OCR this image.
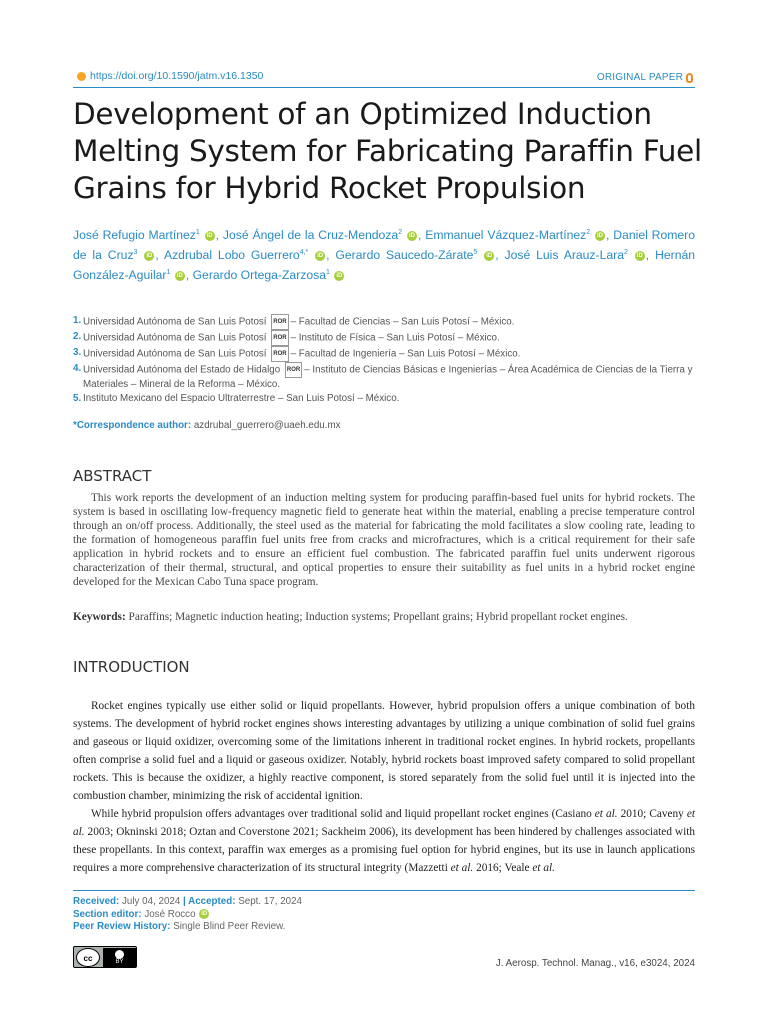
https://doi.org/10.1590/jatm.v16.1350	ORIGINAL PAPER
Development of an Optimized Induction Melting System for Fabricating Paraffin Fuel Grains for Hybrid Rocket Propulsion
José Refugio Martínez$^1$ iD , José Ángel de la Cruz-Mendoza$^2$ iD , Emmanuel Vázquez-Martínez$^2$ iD , Daniel Romero de la Cruz$^3$ iD , Azdrubal Lobo Guerrero$^{4,*}$ iD , Gerardo Saucedo-Zárate$^5$ iD , José Luis Arauz-Lara$^2$ iD , Hernán González-Aguilar$^1$ iD , Gerardo Ortega-Zarzosa$^1$ iD
1. Universidad Autónoma de San Luis Potosí ROR – Facultad de Ciencias – San Luis Potosí – México.
2. Universidad Autónoma de San Luis Potosí ROR – Instituto de Física – San Luis Potosí – México.
3. Universidad Autónoma de San Luis Potosí ROR – Facultad de Ingeniería – San Luis Potosí – México.
4. Universidad Autónoma del Estado de Hidalgo ROR – Instituto de Ciencias Básicas e Ingenierías – Área Académica de Ciencias de la Tierra y Materiales – Mineral de la Reforma – México.
5. Instituto Mexicano del Espacio Ultraterrestre – San Luis Potosí – México.
*Correspondence author: azdrubal_guerrero@uaeh.edu.mx
ABSTRACT

This work reports the development of an induction melting system for producing paraffin-based fuel units for hybrid rockets. The system is based in oscillating low-frequency magnetic field to generate heat within the material, enabling a precise temperature control through an on/off process. Additionally, the steel used as the material for fabricating the mold facilitates a slow cooling rate, leading to the formation of homogeneous paraffin fuel units free from cracks and microfractures, which is a critical requirement for their safe application in hybrid rockets and to ensure an efficient fuel combustion. The fabricated paraffin fuel units underwent rigorous characterization of their thermal, structural, and optical properties to ensure their suitability as fuel units in a hybrid rocket engine developed for the Mexican Cabo Tuna space program.

Keywords: Paraffins; Magnetic induction heating; Induction systems; Propellant grains; Hybrid propellant rocket engines.
INTRODUCTION

Rocket engines typically use either solid or liquid propellants. However, hybrid propulsion offers a unique combination of both systems. The development of hybrid rocket engines shows interesting advantages by utilizing a unique combination of solid fuel grains and gaseous or liquid oxidizer, overcoming some of the limitations inherent in traditional rocket engines. In hybrid rockets, propellants often comprise a solid fuel and a liquid or gaseous oxidizer. Notably, hybrid rockets boast improved safety compared to solid propellant rockets. This is because the oxidizer, a highly reactive component, is stored separately from the solid fuel until it is injected into the combustion chamber, minimizing the risk of accidental ignition.

While hybrid propulsion offers advantages over traditional solid and liquid propellant rocket engines (Casiano et al. 2010; Caveny et al. 2003; Okninski 2018; Oztan and Coverstone 2021; Sackheim 2006), its development has been hindered by challenges associated with these propellants. In this context, paraffin wax emerges as a promising fuel option for hybrid engines, but its use in launch applications requires a more comprehensive characterization of its structural integrity (Mazzetti et al. 2016; Veale et al.

Received: July 04, 2024 | Accepted: Sept. 17, 2024
Section editor: José Rocco iD
Peer Review History: Single Blind Peer Review.
cc	BY	J. Aerosp. Technol. Manag., v16, e3024, 2024
